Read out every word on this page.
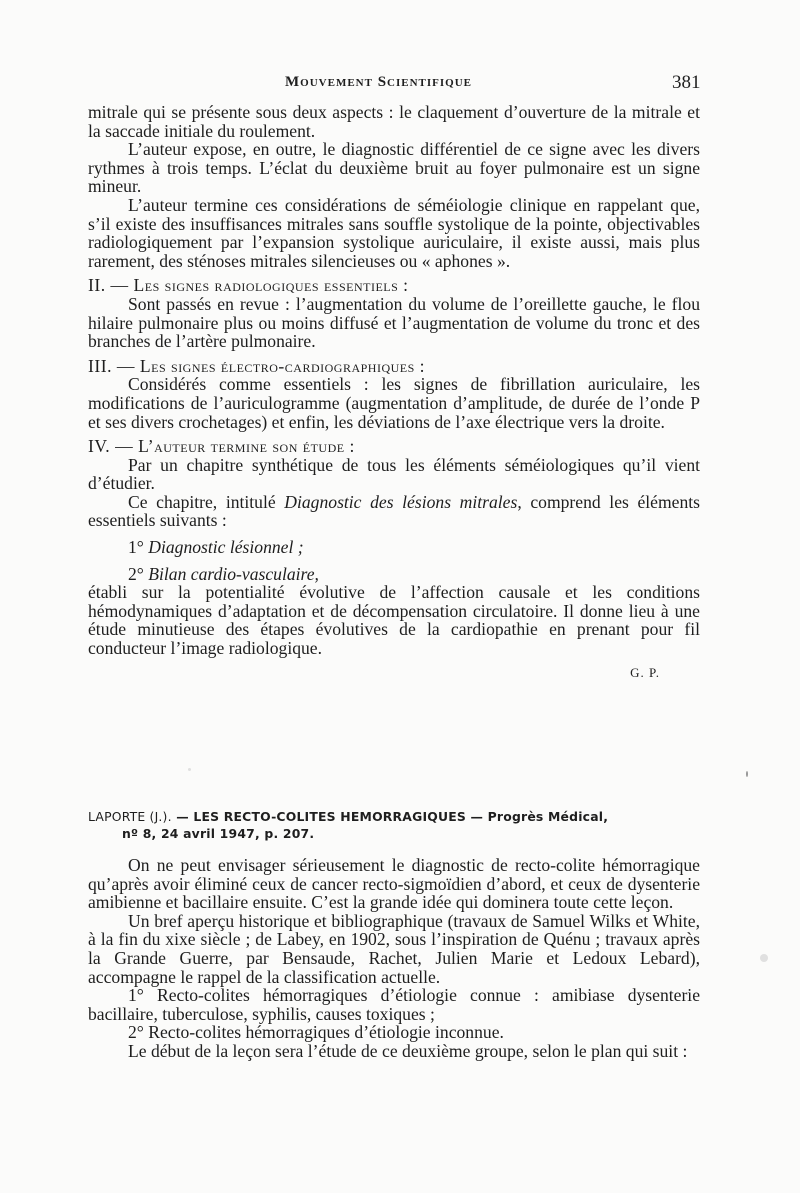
Mouvement Scientifique	381

mitrale qui se présente sous deux aspects : le claquement d’ouverture de la mitrale et la saccade initiale du roulement.

L’auteur expose, en outre, le diagnostic différentiel de ce signe avec les divers rythmes à trois temps. L’éclat du deuxième bruit au foyer pulmonaire est un signe mineur.

L’auteur termine ces considérations de séméiologie clinique en rappelant que, s’il existe des insuffisances mitrales sans souffle systolique de la pointe, objectivables radiologiquement par l’expansion systolique auriculaire, il existe aussi, mais plus rarement, des sténoses mitrales silencieuses ou « aphones ».

II. — Les signes radiologiques essentiels :

Sont passés en revue : l’augmentation du volume de l’oreillette gauche, le flou hilaire pulmonaire plus ou moins diffusé et l’augmentation de volume du tronc et des branches de l’artère pulmonaire.

III. — Les signes électro-cardiographiques :

Considérés comme essentiels : les signes de fibrillation auriculaire, les modifications de l’auriculogramme (augmentation d’amplitude, de durée de l’onde P et ses divers crochetages) et enfin, les déviations de l’axe électrique vers la droite.

IV. — L’auteur termine son étude :

Par un chapitre synthétique de tous les éléments séméiologiques qu’il vient d’étudier.

Ce chapitre, intitulé Diagnostic des lésions mitrales, comprend les éléments essentiels suivants :

1° Diagnostic lésionnel ;

2° Bilan cardio-vasculaire,

établi sur la potentialité évolutive de l’affection causale et les conditions hémodynamiques d’adaptation et de décompensation circulatoire. Il donne lieu à une étude minutieuse des étapes évolutives de la cardiopathie en prenant pour fil conducteur l’image radiologique.

G. P.

LAPORTE (J.). — LES RECTO-COLITES HEMORRAGIQUES — Progrès Médical,
nº 8, 24 avril 1947, p. 207.

On ne peut envisager sérieusement le diagnostic de recto-colite hémorragique qu’après avoir éliminé ceux de cancer recto-sigmoïdien d’abord, et ceux de dysenterie amibienne et bacillaire ensuite. C’est la grande idée qui dominera toute cette leçon.

Un bref aperçu historique et bibliographique (travaux de Samuel Wilks et White, à la fin du xixe siècle ; de Labey, en 1902, sous l’inspiration de Quénu ; travaux après la Grande Guerre, par Bensaude, Rachet, Julien Marie et Ledoux Lebard), accompagne le rappel de la classification actuelle.

1° Recto-colites hémorragiques d’étiologie connue : amibiase dysenterie bacillaire, tuberculose, syphilis, causes toxiques ;

2° Recto-colites hémorragiques d’étiologie inconnue.

Le début de la leçon sera l’étude de ce deuxième groupe, selon le plan qui suit :
